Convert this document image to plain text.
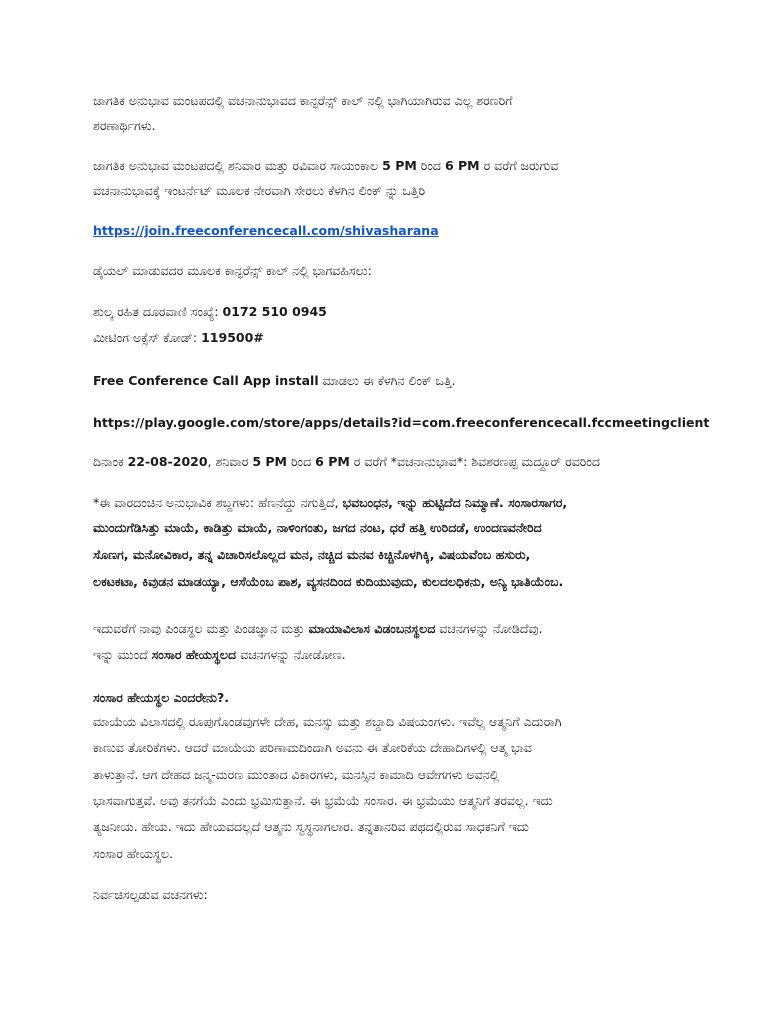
ಜಾಗತಿಕ ಅನುಭಾವ ಮಂಟಪದಲ್ಲಿ ವಚನಾನುಭಾವದ ಕಾನ್ಫರೆನ್ಸ್ ಕಾಲ್ ನಲ್ಲಿ ಭಾಗಿಯಾಗಿರುವ ಎಲ್ಲ ಶರಣರಿಗೆ
ಶರಣಾರ್ಥಿಗಳು.
ಜಾಗತಿಕ ಅನುಭಾವ ಮಂಟಪದಲ್ಲಿ ಶನಿವಾರ ಮತ್ತು ರವಿವಾರ ಸಾಯಂಕಾಲ 5 PM ರಿಂದ 6 PM ರ ವರೆಗೆ ಜರುಗುವ
ವಚನಾನುಭಾವಕ್ಕೆ ಇಂಟರ್ನೆಟ್ ಮೂಲಕ ನೇರವಾಗಿ ಸೇರಲು ಕೆಳಗಿನ ಲಿಂಕ್ ನ್ನು ಒತ್ತಿರಿ
https://join.freeconferencecall.com/shivasharana
ಡೈಯಲ್ ಮಾಡುವದರ ಮೂಲಕ ಕಾನ್ಫರೆನ್ಸ್ ಕಾಲ್ ನಲ್ಲಿ ಭಾಗವಹಿಸಲು:
ಶುಲ್ಕ ರಹಿತ ದೂರವಾಣಿ ಸಂಖ್ಯೆ: 0172 510 0945
ಮೀಟಿಂಗ ಅಕ್ಸೆಸ್ ಕೋಡ್: 119500#
Free Conference Call App install ಮಾಡಲು ಈ ಕೆಳಗಿನ ಲಿಂಕ್ ಒತ್ತಿ.
https://play.google.com/store/apps/details?id=com.freeconferencecall.fccmeetingclient
ದಿನಾಂಕ 22-08-2020, ಶನಿವಾರ 5 PM ರಿಂದ 6 PM ರ ವರೆಗೆ *ವಚನಾನುಭಾವ*: ಶಿವಶರಣಪ್ಪ ಮದ್ದೂರ್ ರವರಿಂದ
*ಈ ವಾರದಂಚಿನ ಅನುಭಾವಿಕ ಶಬ್ದಗಳು: ಹೆಣನೆದ್ದು ನಗುತ್ತಿದೆ, ಭವಬಂಧನ, ಇನ್ನು ಹುಟ್ಟಿದೆದ ನಿಮ್ಮಾಣೆ. ಸಂಸಾರಸಾಗರ,
ಮುಂದುಗೆಡಿಸಿತ್ತು ಮಾಯೆ, ಕಾಡಿತ್ತು ಮಾಯೆ, ನಾಳಿಂಗಂತು, ಜಗದ ನಂಟ, ಧರೆ ಹತ್ತಿ ಉರಿದಡೆ, ಉಂದಣವನೇರಿದ
ಸೊಣಗ, ಮನೋವಿಕಾರ, ತನ್ನ ವಿಚಾರಿಸಲೊಲ್ಲದ ಮನ, ನಚ್ಚಿದ ಮನವ ಕಿಚ್ಚಿನೊಳಗಿಕ್ಕಿ, ವಿಷಯವೆಂಬ ಹಸುರು,
ಲಕಟಕಟಾ, ಕಿವುಡನ ಮಾಡಯ್ಯಾ, ಆಸೆಯೆಂಬ ಪಾಶ, ವ್ಯಸನದಿಂದ ಕುದಿಯುವುದು, ಕುಲದಲಧಿಕನು, ಅನ್ಯಿ ಭಾತಿಯೆಂಬ.
ಇದುವರೆಗೆ ನಾವು ಪಿಂಡಸ್ಥಲ ಮತ್ತು ಪಿಂಡಜ್ಞಾನ ಮತ್ತು ಮಾಯಾವಿಲಾಸ ವಿಡಂಬನಸ್ಥಲದ ವಚನಗಳನ್ನು ನೋಡಿದೆವು.
ಇನ್ನು ಮುಂದೆ ಸಂಸಾರ ಹೇಯಸ್ಥಲದ ವಚನಗಳನ್ನು ನೋಡೋಣ.
ಸಂಸಾರ ಹೇಯಸ್ಥಲ ಎಂದರೇನು?.
ಮಾಯೆಯ ವಿಲಾಸದಲ್ಲಿ ರೂಪುಗೊಂಡವುಗಳೇ ದೇಹ, ಮನಸ್ಸು ಮತ್ತು ಶಬ್ದಾದಿ ವಿಷಯಂಗಳು. ಇವೆಲ್ಲ ಆತ್ಮನಿಗೆ ಎದುರಾಗಿ
ಕಾಣುವ ತೋರಿಕೆಗಳು. ಆದರೆ ಮಾಯೆಯ ಪರಿಣಾಮದಿಂದಾಗಿ ಅವನು ಈ ತೋರಿಕೆಯ ದೇಹಾದಿಗಳಲ್ಲಿ ಆತ್ಮ ಭಾವ
ತಾಳುತ್ತಾನೆ. ಆಗ ದೇಹದ ಜನ್ಮ-ಮರಣ ಮುಂತಾದ ವಿಕಾರಗಳು, ಮನಸ್ಸಿನ ಕಾಮಾದಿ ಆವೇಗಗಳು ಅವನಲ್ಲಿ
ಭಾಸವಾಗುತ್ತವೆ. ಅವು ತನಗೆಯೆ ಎಂದು ಭ್ರಮಿಸುತ್ತಾನೆ. ಈ ಭ್ರಮೆಯೆ ಸಂಸಾರ. ಈ ಭ್ರಮೆಯು ಆತ್ಮನಿಗೆ ತರವಲ್ಲ. ಇದು
ತ್ಯಜನೀಯ. ಹೇಯ. ಇದು ಹೇಯವದಲ್ಲದೆ ಆತ್ಮನು ಸ್ವಸ್ಥನಾಗಲಾರ. ತನ್ನತಾನರಿವ ಪಥದಲ್ಲಿರುವ ಸಾಧಕನಿಗೆ ಇದು
ಸಂಸಾರ ಹೇಯಸ್ಥಲ.
ನಿರ್ವಚಿಸಲ್ಪಡುವ ವಚನಗಳು:
